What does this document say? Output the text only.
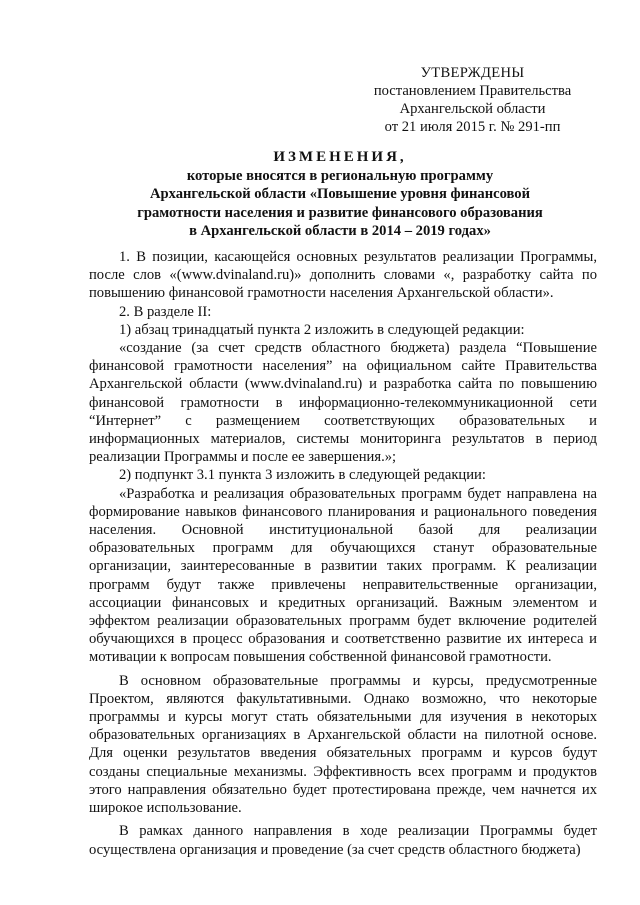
УТВЕРЖДЕНЫ
постановлением Правительства
Архангельской области
от 21 июля 2015 г. № 291-пп
ИЗМЕНЕНИЯ,
которые вносятся в региональную программу
Архангельской области «Повышение уровня финансовой
грамотности населения и развитие финансового образования
в Архангельской области в 2014 – 2019 годах»

1. В позиции, касающейся основных результатов реализации Программы, после слов «(www.dvinaland.ru)» дополнить словами «, разработку сайта по повышению финансовой грамотности населения Архангельской области».

2. В разделе II:

1) абзац тринадцатый пункта 2 изложить в следующей редакции:

«создание (за счет средств областного бюджета) раздела “Повышение финансовой грамотности населения” на официальном сайте Правительства Архангельской области (www.dvinaland.ru) и разработка сайта по повышению финансовой грамотности в информационно-телекоммуникационной сети “Интернет” с размещением соответствующих образовательных и информационных материалов, системы мониторинга результатов в период реализации Программы и после ее завершения.»;

2) подпункт 3.1 пункта 3 изложить в следующей редакции:

«Разработка и реализация образовательных программ будет направлена на формирование навыков финансового планирования и рационального поведения населения. Основной институциональной базой для реализации образовательных программ для обучающихся станут образовательные организации, заинтересованные в развитии таких программ. К реализации программ будут также привлечены неправительственные организации, ассоциации финансовых и кредитных организаций. Важным элементом и эффектом реализации образовательных программ будет включение родителей обучающихся в процесс образования и соответственно развитие их интереса и мотивации к вопросам повышения собственной финансовой грамотности.

В основном образовательные программы и курсы, предусмотренные Проектом, являются факультативными. Однако возможно, что некоторые программы и курсы могут стать обязательными для изучения в некоторых образовательных организациях в Архангельской области на пилотной основе. Для оценки результатов введения обязательных программ и курсов будут созданы специальные механизмы. Эффективность всех программ и продуктов этого направления обязательно будет протестирована прежде, чем начнется их широкое использование.

В рамках данного направления в ходе реализации Программы будет осуществлена организация и проведение (за счет средств областного бюджета)
